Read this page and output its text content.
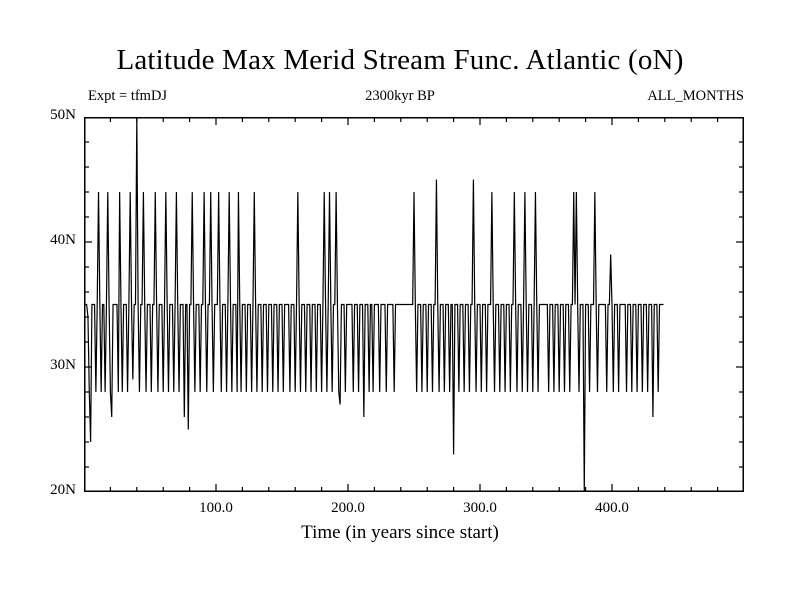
Latitude Max Merid Stream Func. Atlantic (oN)
Expt = tfmDJ	2300kyr BP	ALL_MONTHS
Time (in years since start)
20N
30N
40N
50N
100.0	200.0	300.0	400.0
